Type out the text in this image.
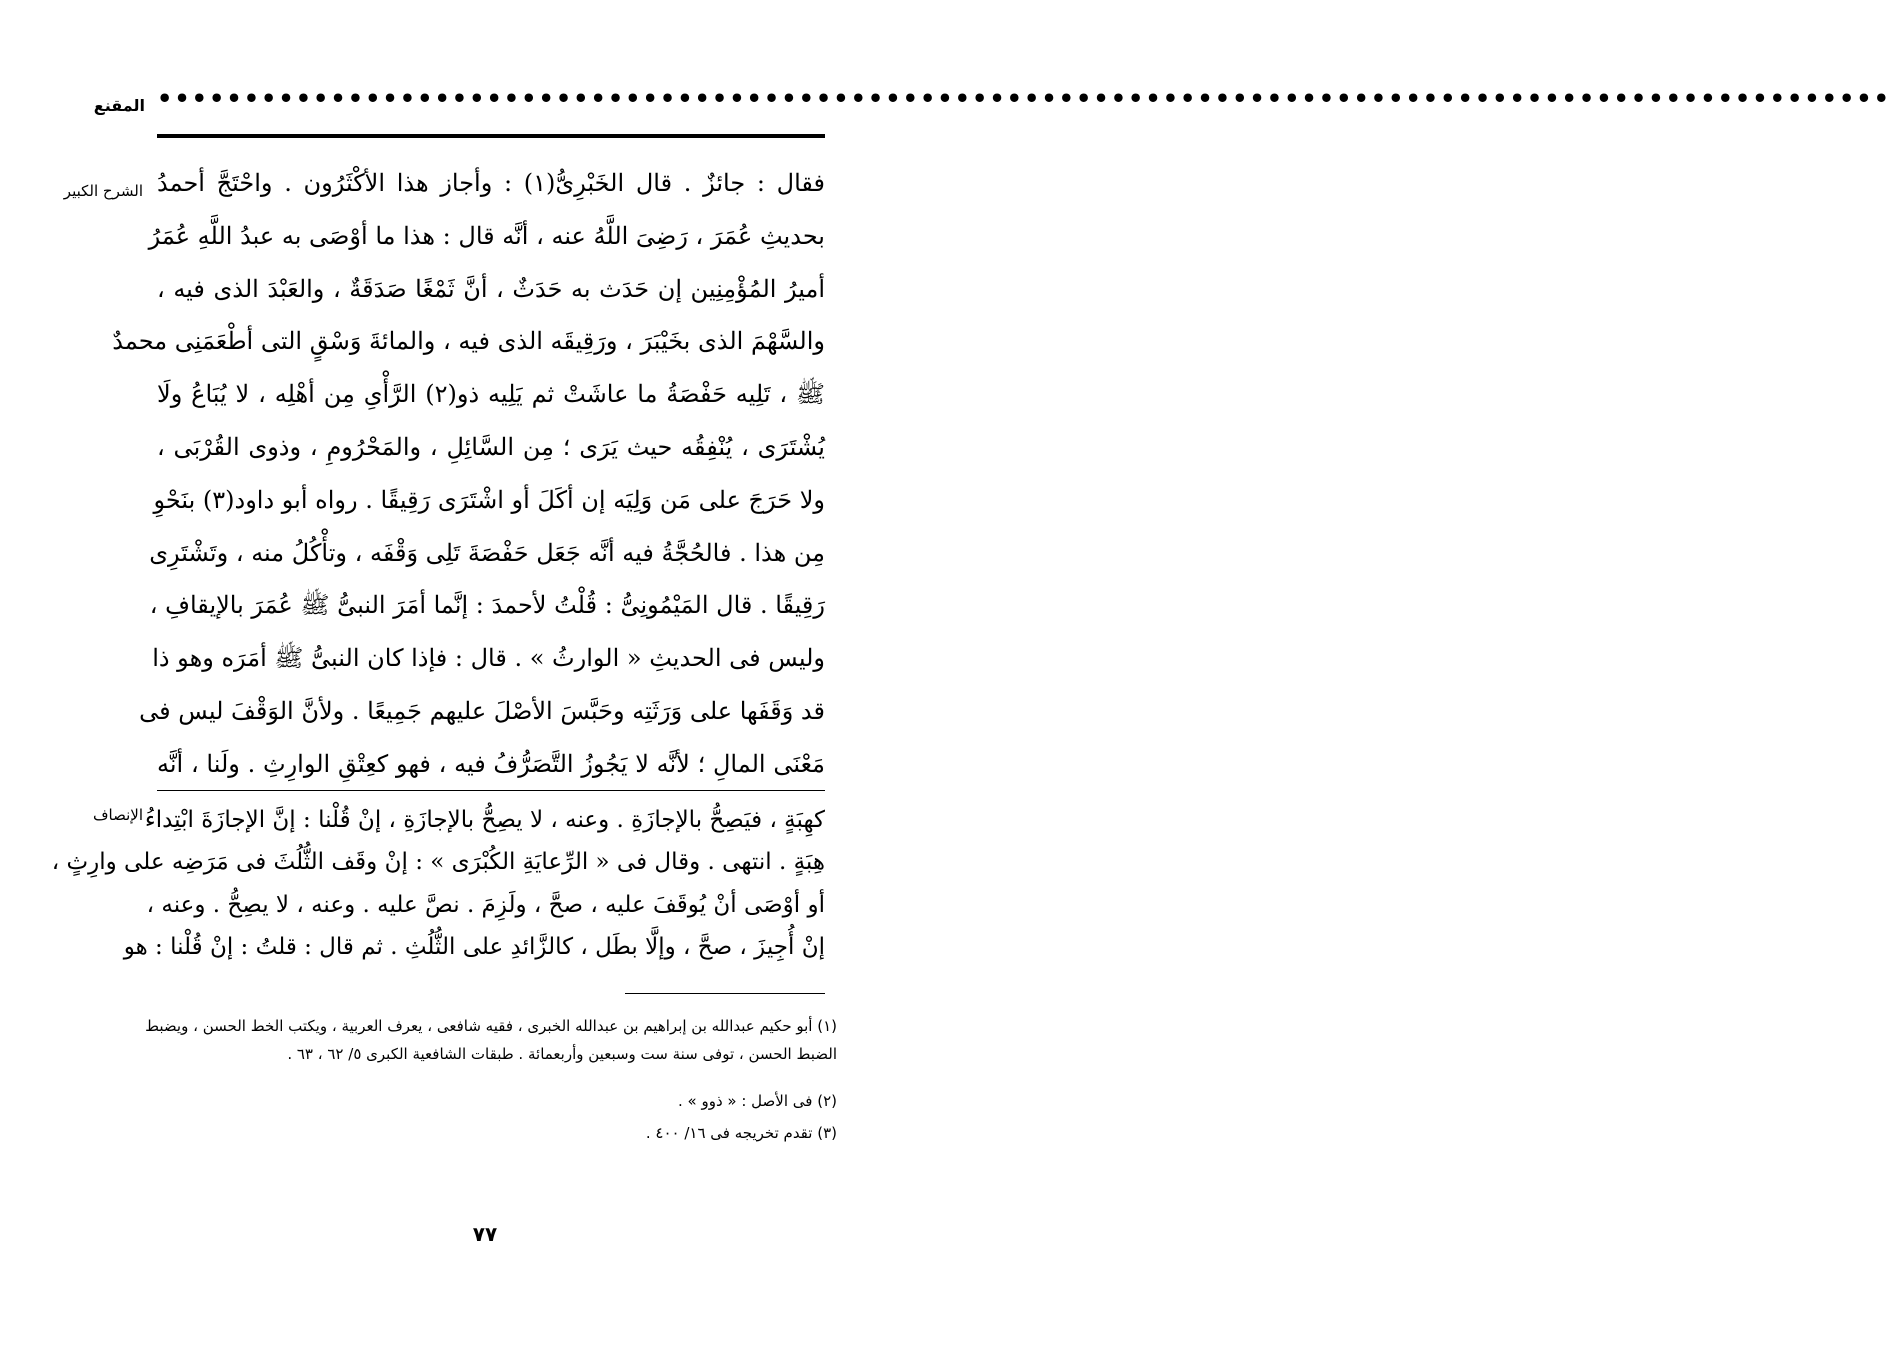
المقنع ••••••••••••••••••••••••••••••••••••••••••••••••••••••••••••••••••••••••••••••••••••••••••••••••••••
الشرح الكبير فقال : جائزٌ . قال الخَبْرِىُّ(١) : وأجاز هذا الأكْثَرُون . واحْتَجَّ أحمدُ
بحديثِ عُمَرَ ، رَضِىَ اللَّهُ عنه ، أنَّه قال : هذا ما أوْصَى به عبدُ اللَّهِ عُمَرُ
أميرُ المُؤْمِنِين إن حَدَث به حَدَثٌ ، أنَّ ثَمْغًا صَدَقَةٌ ، والعَبْدَ الذى فيه ،
والسَّهْمَ الذى بخَيْبَرَ ، ورَقِيقَه الذى فيه ، والمائةَ وَسْقٍ التى أطْعَمَنِى محمدٌ
ﷺ ، تَلِيه حَفْصَةُ ما عاشَتْ ثم يَلِيه ذو(٢) الرَّأْىِ مِن أهْلِه ، لا يُبَاعُ ولَا
يُشْتَرَى ، يُنْفِقُه حيث يَرَى ؛ مِن السَّائِلِ ، والمَحْرُومِ ، وذوى القُرْبَى ،
ولا حَرَجَ على مَن وَلِيَه إن أكَلَ أو اشْتَرَى رَقِيقًا . رواه أبو داود(٣) بنَحْوِ
مِن هذا . فالحُجَّةُ فيه أنَّه جَعَل حَفْصَةَ تَلِى وَقْفَه ، وتأْكُلُ منه ، وتَشْتَرِى
رَقِيقًا . قال المَيْمُونِىُّ : قُلْتُ لأحمدَ : إنَّما أمَرَ النبىُّ ﷺ عُمَرَ بالإيقافِ ،
وليس فى الحديثِ « الوارثُ » . قال : فإذا كان النبىُّ ﷺ أمَرَه وهو ذا
قد وَقَفَها على وَرَثَتِه وحَبَّسَ الأصْلَ عليهم جَمِيعًا . ولأنَّ الوَقْفَ ليس فى
مَعْنَى المالِ ؛ لأنَّه لا يَجُوزُ التَّصَرُّفُ فيه ، فهو كعِتْقِ الوارِثِ . ولَنا ، أنَّه
الإنصاف كهِبَةٍ ، فيَصِحُّ بالإجازَةِ . وعنه ، لا يصِحُّ بالإجازَةِ ، إنْ قُلْنا : إنَّ الإجازَةَ ابْتِداءُ
هِبَةٍ . انتهى . وقال فى « الرِّعايَةِ الكُبْرَى » : إنْ وقَف الثُّلُثَ فى مَرَضِه على وارِثٍ ،
أو أوْصَى أنْ يُوقَفَ عليه ، صحَّ ، ولَزِمَ . نصَّ عليه . وعنه ، لا يصِحُّ . وعنه ،
إنْ أُجِيزَ ، صحَّ ، وإلَّا بطَل ، كالزَّائدِ على الثُّلُثِ . ثم قال : قلتُ : إنْ قُلْنا : هو
(١) أبو حكيم عبدالله بن إبراهيم بن عبدالله الخبرى ، فقيه شافعى ، يعرف العربية ، ويكتب الخط الحسن ، ويضبط
الضبط الحسن ، توفى سنة ست وسبعين وأربعمائة . طبقات الشافعية الكبرى ٥/ ٦٢ ، ٦٣ .
(٢) فى الأصل : « ذوو » .
(٣) تقدم تخريجه فى ١٦/ ٤٠٠ .
٧٧
